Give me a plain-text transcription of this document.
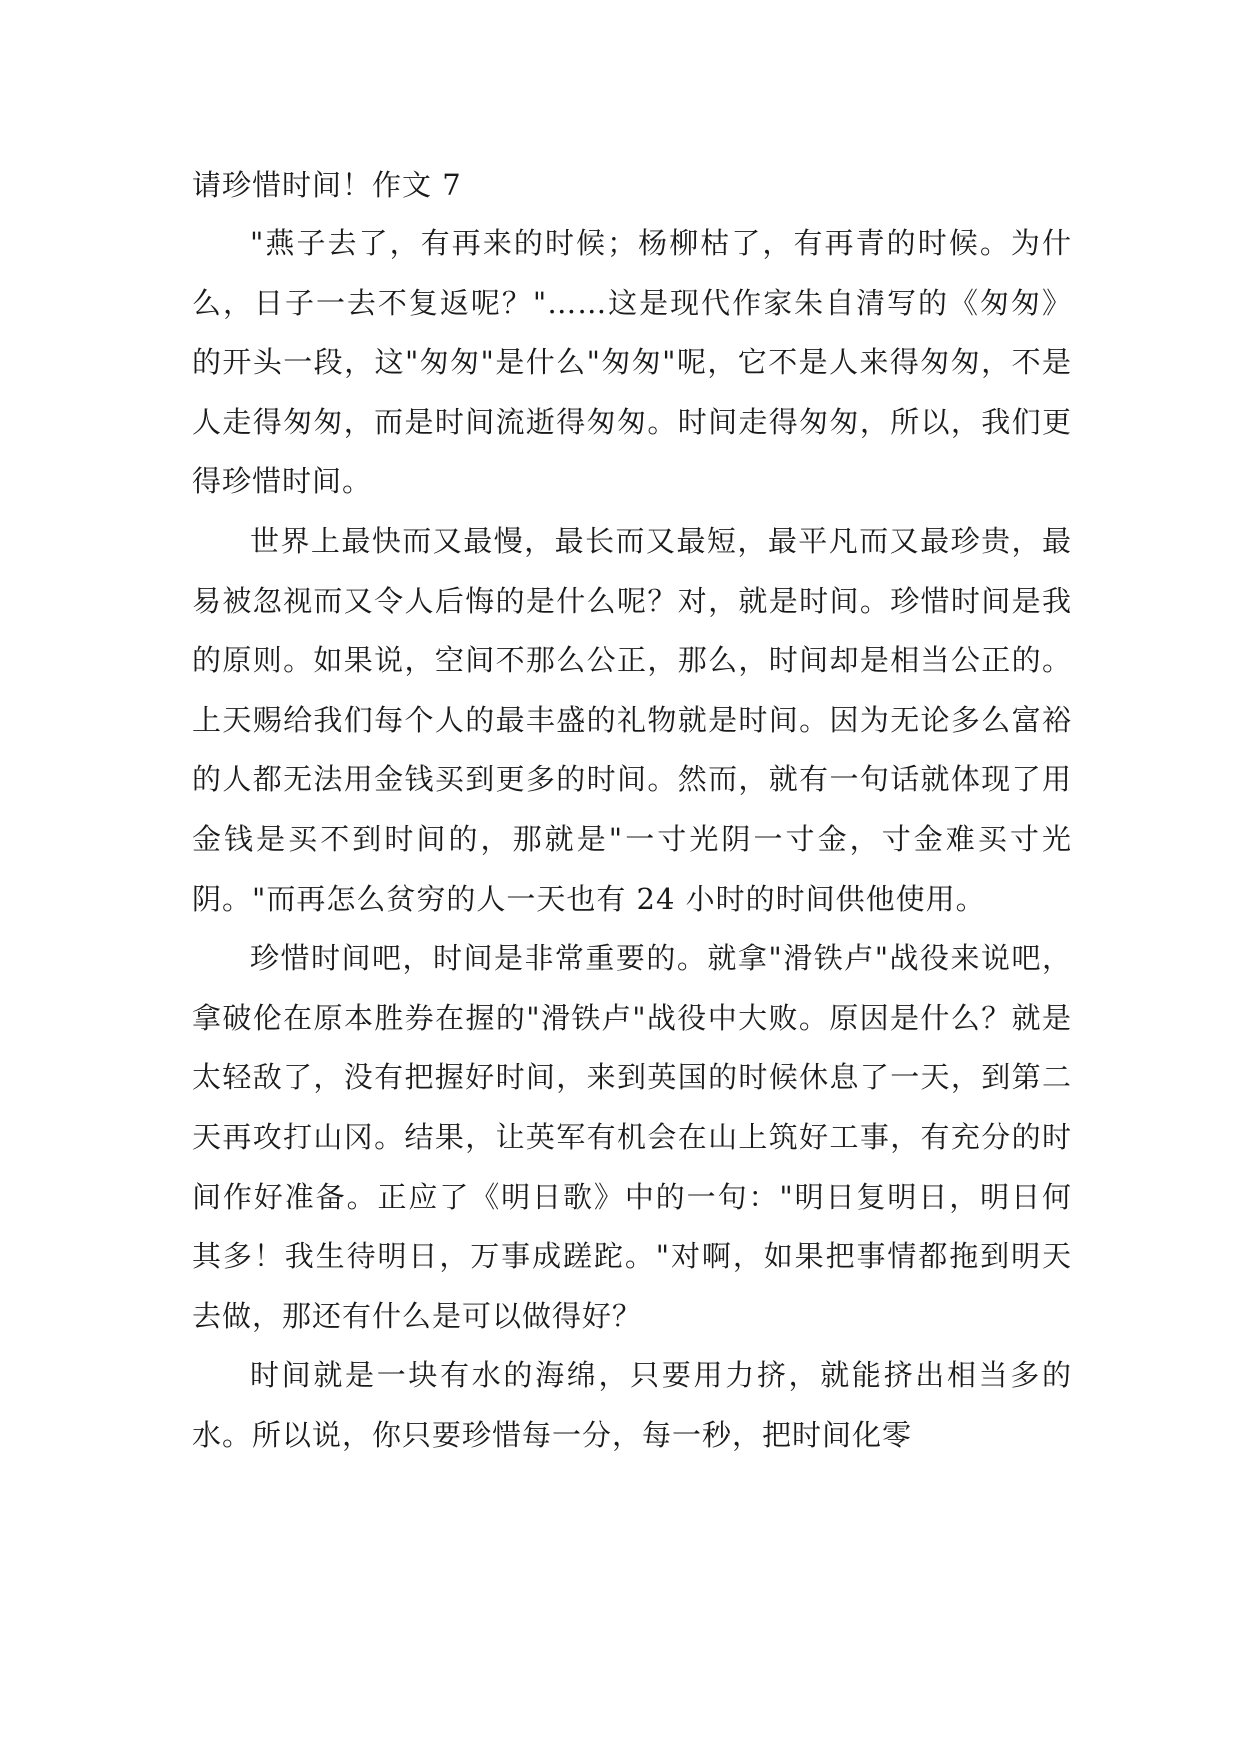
请珍惜时间！作文 7

"燕子去了，有再来的时候；杨柳枯了，有再青的时候。为什么，日子一去不复返呢？"……这是现代作家朱自清写的《匆匆》的开头一段，这"匆匆"是什么"匆匆"呢，它不是人来得匆匆，不是人走得匆匆，而是时间流逝得匆匆。时间走得匆匆，所以，我们更得珍惜时间。

世界上最快而又最慢，最长而又最短，最平凡而又最珍贵，最易被忽视而又令人后悔的是什么呢？对，就是时间。珍惜时间是我的原则。如果说，空间不那么公正，那么，时间却是相当公正的。上天赐给我们每个人的最丰盛的礼物就是时间。因为无论多么富裕的人都无法用金钱买到更多的时间。然而，就有一句话就体现了用金钱是买不到时间的，那就是"一寸光阴一寸金，寸金难买寸光阴。"而再怎么贫穷的人一天也有 24 小时的时间供他使用。

珍惜时间吧，时间是非常重要的。就拿"滑铁卢"战役来说吧，拿破伦在原本胜券在握的"滑铁卢"战役中大败。原因是什么？就是太轻敌了，没有把握好时间，来到英国的时候休息了一天，到第二天再攻打山冈。结果，让英军有机会在山上筑好工事，有充分的时间作好准备。正应了《明日歌》中的一句："明日复明日，明日何其多！我生待明日，万事成蹉跎。"对啊，如果把事情都拖到明天去做，那还有什么是可以做得好？

时间就是一块有水的海绵，只要用力挤，就能挤出相当多的水。所以说，你只要珍惜每一分，每一秒，把时间化零
